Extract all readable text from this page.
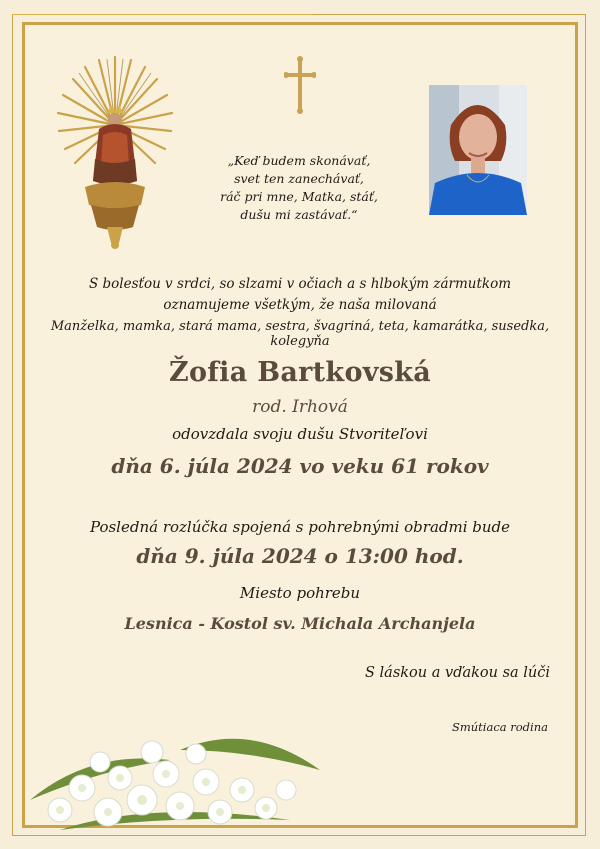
„Keď budem skonávať,
svet ten zanechávať,
ráč pri mne, Matka, stáť,
dušu mi zastávať.“
S bolesťou v srdci, so slzami v očiach a s hlbokým zármutkom
oznamujeme všetkým, že naša milovaná
Manželka, mamka, stará mama, sestra, švagriná, teta, kamarátka, susedka, kolegyňa
Žofia Bartkovská
rod. Irhová
odovzdala svoju dušu Stvoriteľovi
dňa 6. júla 2024 vo veku 61 rokov
Posledná rozlúčka spojená s pohrebnými obradmi bude
dňa 9. júla 2024 o 13:00 hod.
Miesto pohrebu
Lesnica - Kostol sv. Michala Archanjela
S láskou a vďakou sa lúči
Smútiaca rodina
